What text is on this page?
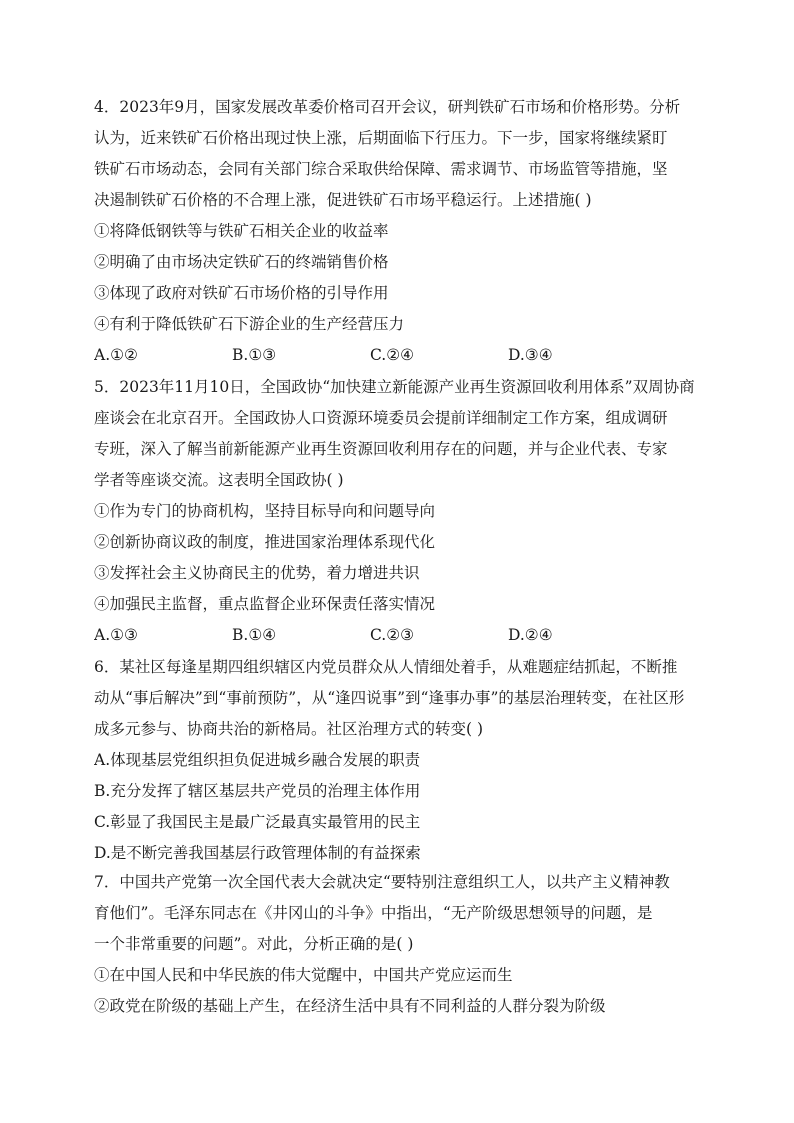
4．2023年9月，国家发展改革委价格司召开会议，研判铁矿石市场和价格形势。分析
认为，近来铁矿石价格出现过快上涨，后期面临下行压力。下一步，国家将继续紧盯
铁矿石市场动态，会同有关部门综合采取供给保障、需求调节、市场监管等措施，坚
决遏制铁矿石价格的不合理上涨，促进铁矿石市场平稳运行。上述措施( )
①将降低钢铁等与铁矿石相关企业的收益率
②明确了由市场决定铁矿石的终端销售价格
③体现了政府对铁矿石市场价格的引导作用
④有利于降低铁矿石下游企业的生产经营压力
A.①②	B.①③	C.②④	D.③④
5．2023年11月10日，全国政协“加快建立新能源产业再生资源回收利用体系”双周协商
座谈会在北京召开。全国政协人口资源环境委员会提前详细制定工作方案，组成调研
专班，深入了解当前新能源产业再生资源回收利用存在的问题，并与企业代表、专家
学者等座谈交流。这表明全国政协( )
①作为专门的协商机构，坚持目标导向和问题导向
②创新协商议政的制度，推进国家治理体系现代化
③发挥社会主义协商民主的优势，着力增进共识
④加强民主监督，重点监督企业环保责任落实情况
A.①③	B.①④	C.②③	D.②④
6．某社区每逢星期四组织辖区内党员群众从人情细处着手，从难题症结抓起，不断推
动从“事后解决”到“事前预防”，从“逢四说事”到“逢事办事”的基层治理转变，在社区形
成多元参与、协商共治的新格局。社区治理方式的转变( )
A.体现基层党组织担负促进城乡融合发展的职责
B.充分发挥了辖区基层共产党员的治理主体作用
C.彰显了我国民主是最广泛最真实最管用的民主
D.是不断完善我国基层行政管理体制的有益探索
7．中国共产党第一次全国代表大会就决定“要特别注意组织工人，以共产主义精神教
育他们”。毛泽东同志在《井冈山的斗争》中指出，“无产阶级思想领导的问题，是
一个非常重要的问题”。对此，分析正确的是( )
①在中国人民和中华民族的伟大觉醒中，中国共产党应运而生
②政党在阶级的基础上产生，在经济生活中具有不同利益的人群分裂为阶级
